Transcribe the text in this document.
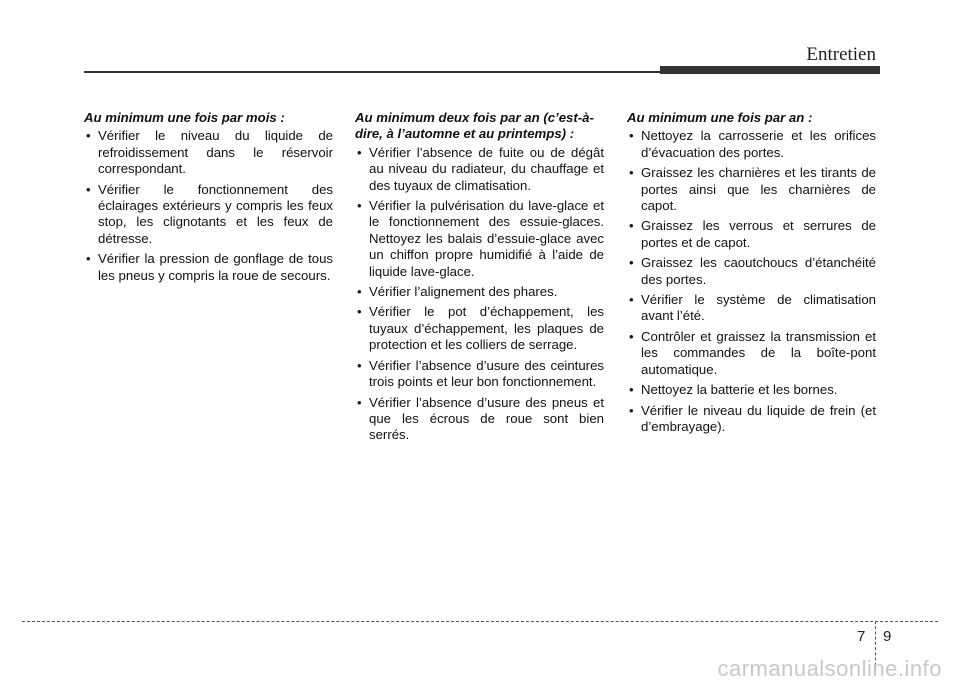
Entretien
Au minimum une fois par mois :
• Vérifier le niveau du liquide de refroidissement dans le réservoir correspondant.
• Vérifier le fonctionnement des éclairages extérieurs y compris les feux stop, les clignotants et les feux de détresse.
• Vérifier la pression de gonflage de tous les pneus y compris la roue de secours.
Au minimum deux fois par an (c’est-à-dire, à l’automne et au printemps) :
• Vérifier l’absence de fuite ou de dégât au niveau du radiateur, du chauffage et des tuyaux de climatisation.
• Vérifier la pulvérisation du lave-glace et le fonctionnement des essuie-glaces. Nettoyez les balais d’essuie-glace avec un chiffon propre humidifié à l’aide de liquide lave-glace.
• Vérifier l’alignement des phares.
• Vérifier le pot d’échappement, les tuyaux d’échappement, les plaques de protection et les colliers de serrage.
• Vérifier l’absence d’usure des ceintures trois points et leur bon fonctionnement.
• Vérifier l’absence d’usure des pneus et que les écrous de roue sont bien serrés.
Au minimum une fois par an :
• Nettoyez la carrosserie et les orifices d’évacuation des portes.
• Graissez les charnières et les tirants de portes ainsi que les charnières de capot.
• Graissez les verrous et serrures de portes et de capot.
• Graissez les caoutchoucs d’étanchéité des portes.
• Vérifier le système de climatisation avant l’été.
• Contrôler et graissez la transmission et les commandes de la boîte-pont automatique.
• Nettoyez la batterie et les bornes.
• Vérifier le niveau du liquide de frein (et d’embrayage).
7 9
carmanualsonline.info
